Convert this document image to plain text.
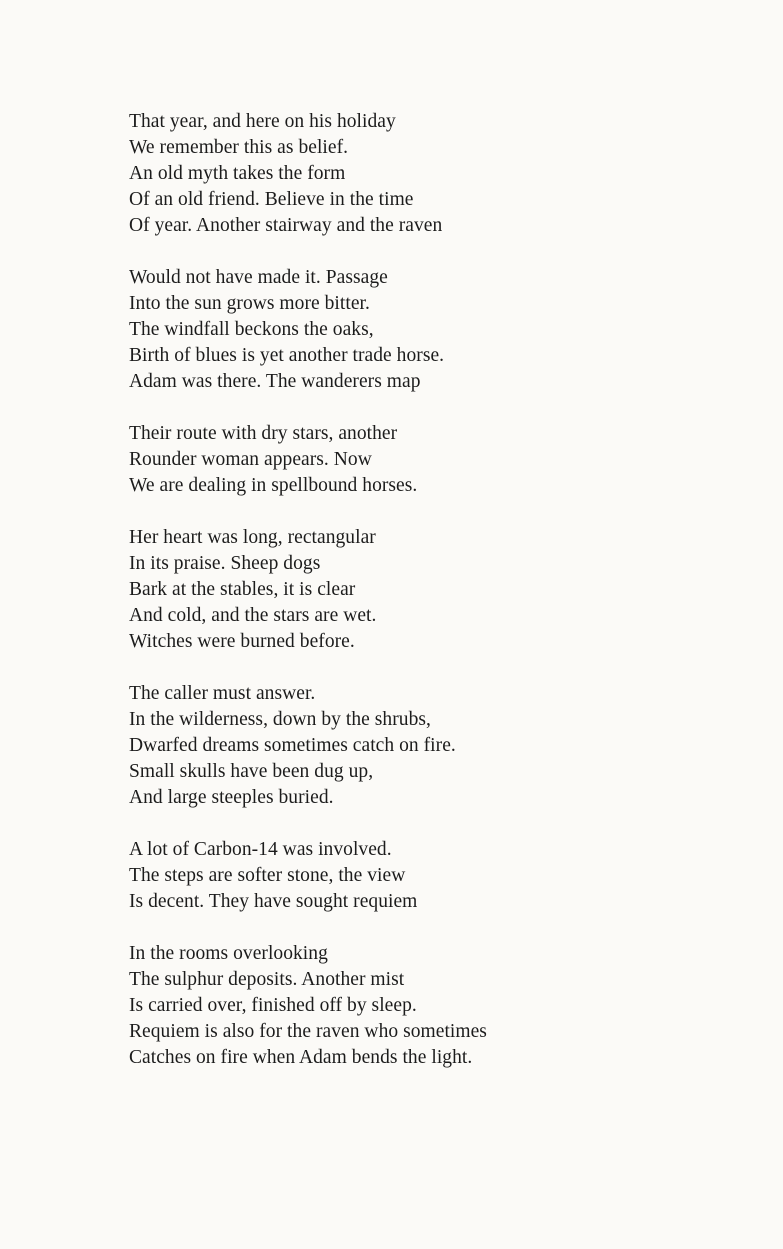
That year, and here on his holiday
We remember this as belief.
An old myth takes the form
Of an old friend. Believe in the time
Of year. Another stairway and the raven
Would not have made it. Passage
Into the sun grows more bitter.
The windfall beckons the oaks,
Birth of blues is yet another trade horse.
Adam was there. The wanderers map
Their route with dry stars, another
Rounder woman appears. Now
We are dealing in spellbound horses.
Her heart was long, rectangular
In its praise. Sheep dogs
Bark at the stables, it is clear
And cold, and the stars are wet.
Witches were burned before.
The caller must answer.
In the wilderness, down by the shrubs,
Dwarfed dreams sometimes catch on fire.
Small skulls have been dug up,
And large steeples buried.
A lot of Carbon-14 was involved.
The steps are softer stone, the view
Is decent. They have sought requiem
In the rooms overlooking
The sulphur deposits. Another mist
Is carried over, finished off by sleep.
Requiem is also for the raven who sometimes
Catches on fire when Adam bends the light.
